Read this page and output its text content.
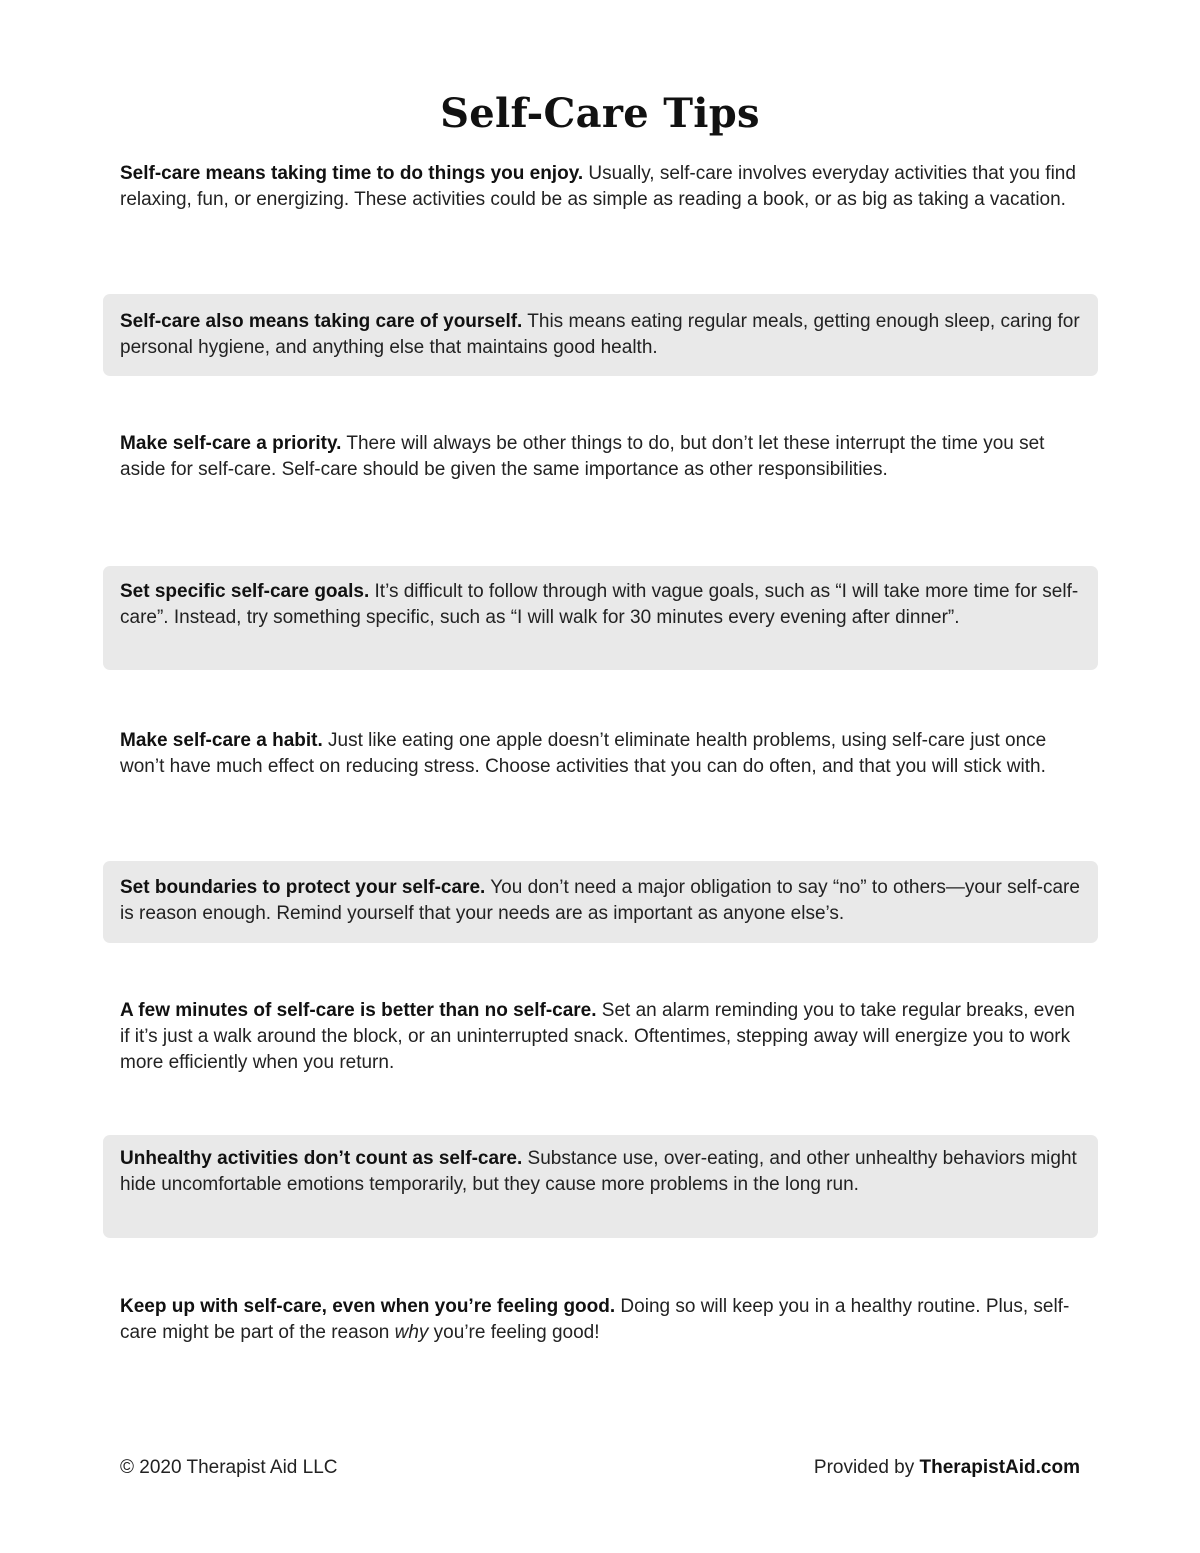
Self-Care Tips
Self-care means taking time to do things you enjoy. Usually, self-care involves everyday activities that you find relaxing, fun, or energizing. These activities could be as simple as reading a book, or as big as taking a vacation.
Self-care also means taking care of yourself. This means eating regular meals, getting enough sleep, caring for personal hygiene, and anything else that maintains good health.
Make self-care a priority. There will always be other things to do, but don’t let these interrupt the time you set aside for self-care. Self-care should be given the same importance as other responsibilities.
Set specific self-care goals. It’s difficult to follow through with vague goals, such as “I will take more time for self-care”. Instead, try something specific, such as “I will walk for 30 minutes every evening after dinner”.
Make self-care a habit. Just like eating one apple doesn’t eliminate health problems, using self-care just once won’t have much effect on reducing stress. Choose activities that you can do often, and that you will stick with.
Set boundaries to protect your self-care. You don’t need a major obligation to say “no” to others—your self-care is reason enough. Remind yourself that your needs are as important as anyone else’s.
A few minutes of self-care is better than no self-care. Set an alarm reminding you to take regular breaks, even if it’s just a walk around the block, or an uninterrupted snack. Oftentimes, stepping away will energize you to work more efficiently when you return.
Unhealthy activities don’t count as self-care. Substance use, over-eating, and other unhealthy behaviors might hide uncomfortable emotions temporarily, but they cause more problems in the long run.
Keep up with self-care, even when you’re feeling good. Doing so will keep you in a healthy routine. Plus, self-care might be part of the reason why you’re feeling good!
© 2020 Therapist Aid LLC	Provided by TherapistAid.com
